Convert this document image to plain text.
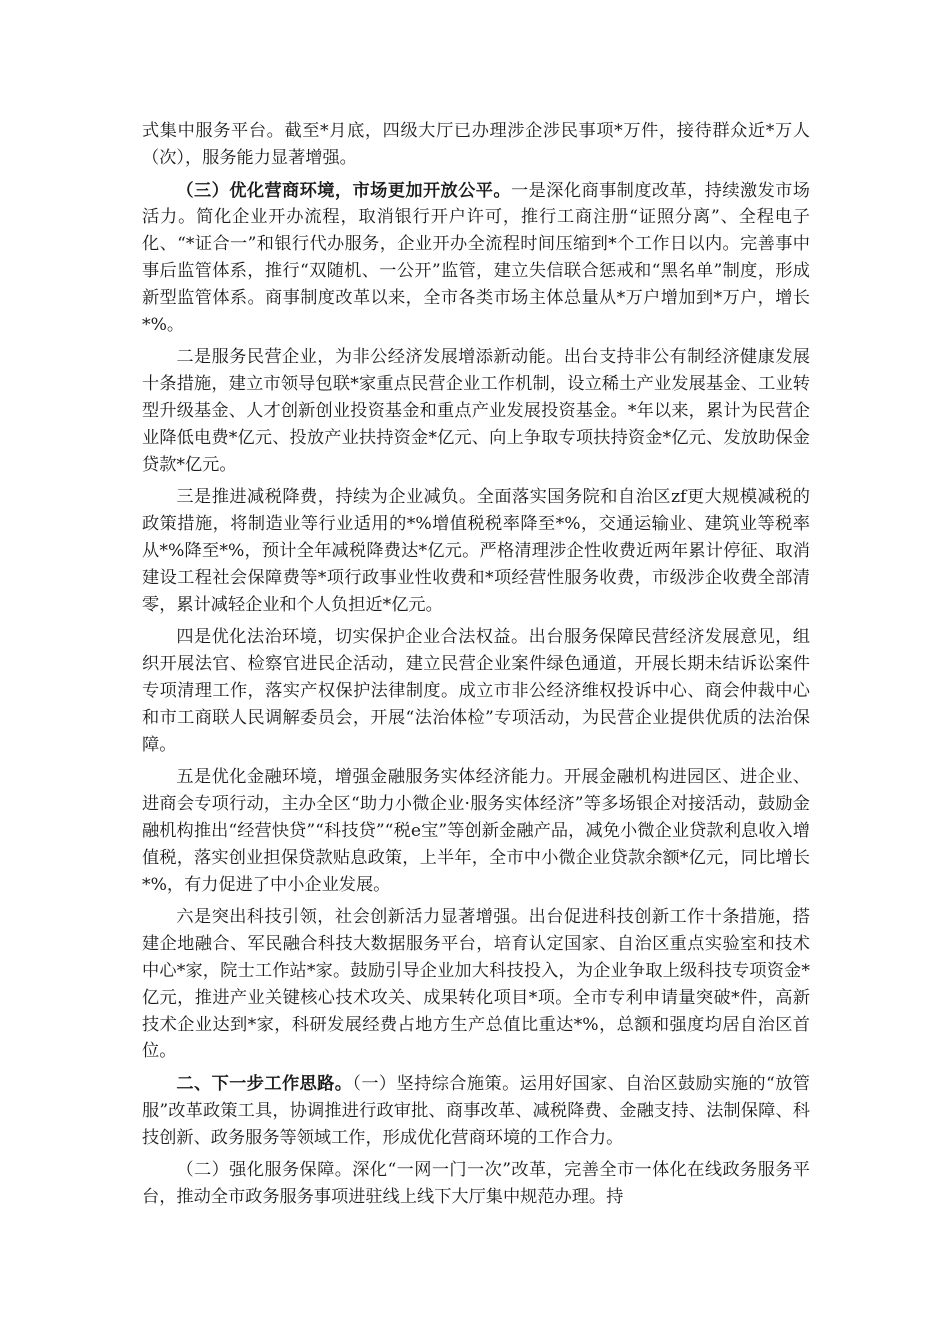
式集中服务平台。截至*月底，四级大厅已办理涉企涉民事项*万件，接待群众近*万人（次），服务能力显著增强。

（三）优化营商环境，市场更加开放公平。一是深化商事制度改革，持续激发市场活力。简化企业开办流程，取消银行开户许可，推行工商注册“证照分离”、全程电子化、“*证合一”和银行代办服务，企业开办全流程时间压缩到*个工作日以内。完善事中事后监管体系，推行“双随机、一公开”监管，建立失信联合惩戒和“黑名单”制度，形成新型监管体系。商事制度改革以来，全市各类市场主体总量从*万户增加到*万户，增长*%。

二是服务民营企业，为非公经济发展增添新动能。出台支持非公有制经济健康发展十条措施，建立市领导包联*家重点民营企业工作机制，设立稀土产业发展基金、工业转型升级基金、人才创新创业投资基金和重点产业发展投资基金。*年以来，累计为民营企业降低电费*亿元、投放产业扶持资金*亿元、向上争取专项扶持资金*亿元、发放助保金贷款*亿元。

三是推进减税降费，持续为企业减负。全面落实国务院和自治区zf更大规模减税的政策措施，将制造业等行业适用的*%增值税税率降至*%，交通运输业、建筑业等税率从*%降至*%，预计全年减税降费达*亿元。严格清理涉企性收费近两年累计停征、取消建设工程社会保障费等*项行政事业性收费和*项经营性服务收费，市级涉企收费全部清零，累计减轻企业和个人负担近*亿元。

四是优化法治环境，切实保护企业合法权益。出台服务保障民营经济发展意见，组织开展法官、检察官进民企活动，建立民营企业案件绿色通道，开展长期未结诉讼案件专项清理工作，落实产权保护法律制度。成立市非公经济维权投诉中心、商会仲裁中心和市工商联人民调解委员会，开展“法治体检”专项活动，为民营企业提供优质的法治保障。

五是优化金融环境，增强金融服务实体经济能力。开展金融机构进园区、进企业、进商会专项行动，主办全区“助力小微企业·服务实体经济”等多场银企对接活动，鼓励金融机构推出“经营快贷”“科技贷”“税e宝”等创新金融产品，减免小微企业贷款利息收入增值税，落实创业担保贷款贴息政策，上半年，全市中小微企业贷款余额*亿元，同比增长*%，有力促进了中小企业发展。

六是突出科技引领，社会创新活力显著增强。出台促进科技创新工作十条措施，搭建企地融合、军民融合科技大数据服务平台，培育认定国家、自治区重点实验室和技术中心*家，院士工作站*家。鼓励引导企业加大科技投入，为企业争取上级科技专项资金*亿元，推进产业关键核心技术攻关、成果转化项目*项。全市专利申请量突破*件，高新技术企业达到*家，科研发展经费占地方生产总值比重达*%，总额和强度均居自治区首位。

二、下一步工作思路。（一）坚持综合施策。运用好国家、自治区鼓励实施的“放管服”改革政策工具，协调推进行政审批、商事改革、减税降费、金融支持、法制保障、科技创新、政务服务等领域工作，形成优化营商环境的工作合力。

（二）强化服务保障。深化“一网一门一次”改革，完善全市一体化在线政务服务平台，推动全市政务服务事项进驻线上线下大厅集中规范办理。持
